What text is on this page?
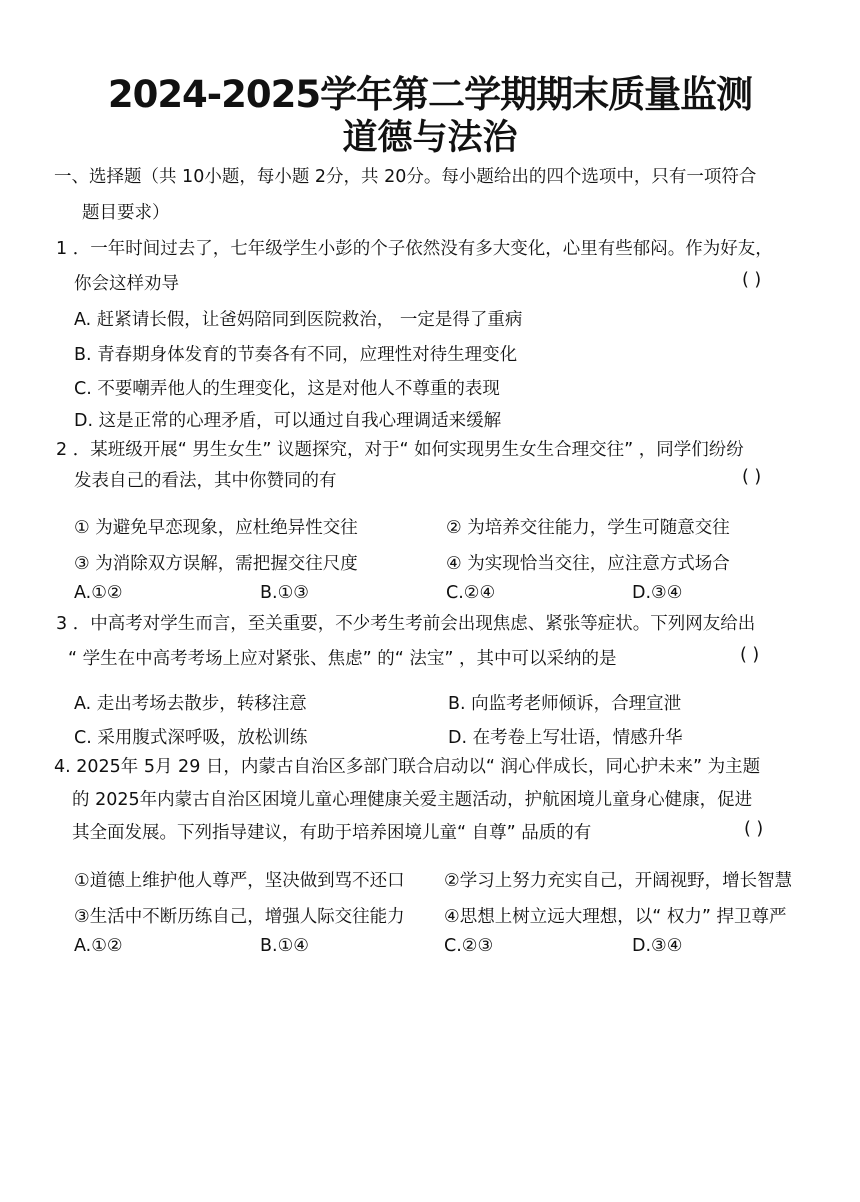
2024-2025学年第二学期期末质量监测
道德与法治
一、选择题（共 10小题，每小题 2分，共 20分。每小题给出的四个选项中，只有一项符合
题目要求）
1 ．一年时间过去了，七年级学生小彭的个子依然没有多大变化，心里有些郁闷。作为好友，
你会这样劝导	( )
A. 赶紧请长假，让爸妈陪同到医院救治， 一定是得了重病
B. 青春期身体发育的节奏各有不同，应理性对待生理变化
C. 不要嘲弄他人的生理变化，这是对他人不尊重的表现
D. 这是正常的心理矛盾，可以通过自我心理调适来缓解
2 ．某班级开展“ 男生女生” 议题探究，对于“ 如何实现男生女生合理交往” ，同学们纷纷
发表自己的看法，其中你赞同的有	( )
① 为避免早恋现象，应杜绝异性交往	② 为培养交往能力，学生可随意交往
③ 为消除双方误解，需把握交往尺度	④ 为实现恰当交往，应注意方式场合
A.①②	B.①③	C.②④	D.③④
3 ．中高考对学生而言，至关重要，不少考生考前会出现焦虑、紧张等症状。下列网友给出
“ 学生在中高考考场上应对紧张、焦虑” 的“ 法宝” ，其中可以采纳的是	( )
A. 走出考场去散步，转移注意	B. 向监考老师倾诉，合理宣泄
C. 采用腹式深呼吸，放松训练	D. 在考卷上写壮语，情感升华
4. 2025年 5月 29 日，内蒙古自治区多部门联合启动以“ 润心伴成长，同心护未来” 为主题
的 2025年内蒙古自治区困境儿童心理健康关爱主题活动，护航困境儿童身心健康，促进
其全面发展。下列指导建议，有助于培养困境儿童“ 自尊” 品质的有	( )
①道德上维护他人尊严，坚决做到骂不还口 ②学习上努力充实自己，开阔视野，增长智慧
③生活中不断历练自己，增强人际交往能力 ④思想上树立远大理想，以“ 权力” 捍卫尊严
A.①②	B.①④	C.②③	D.③④
